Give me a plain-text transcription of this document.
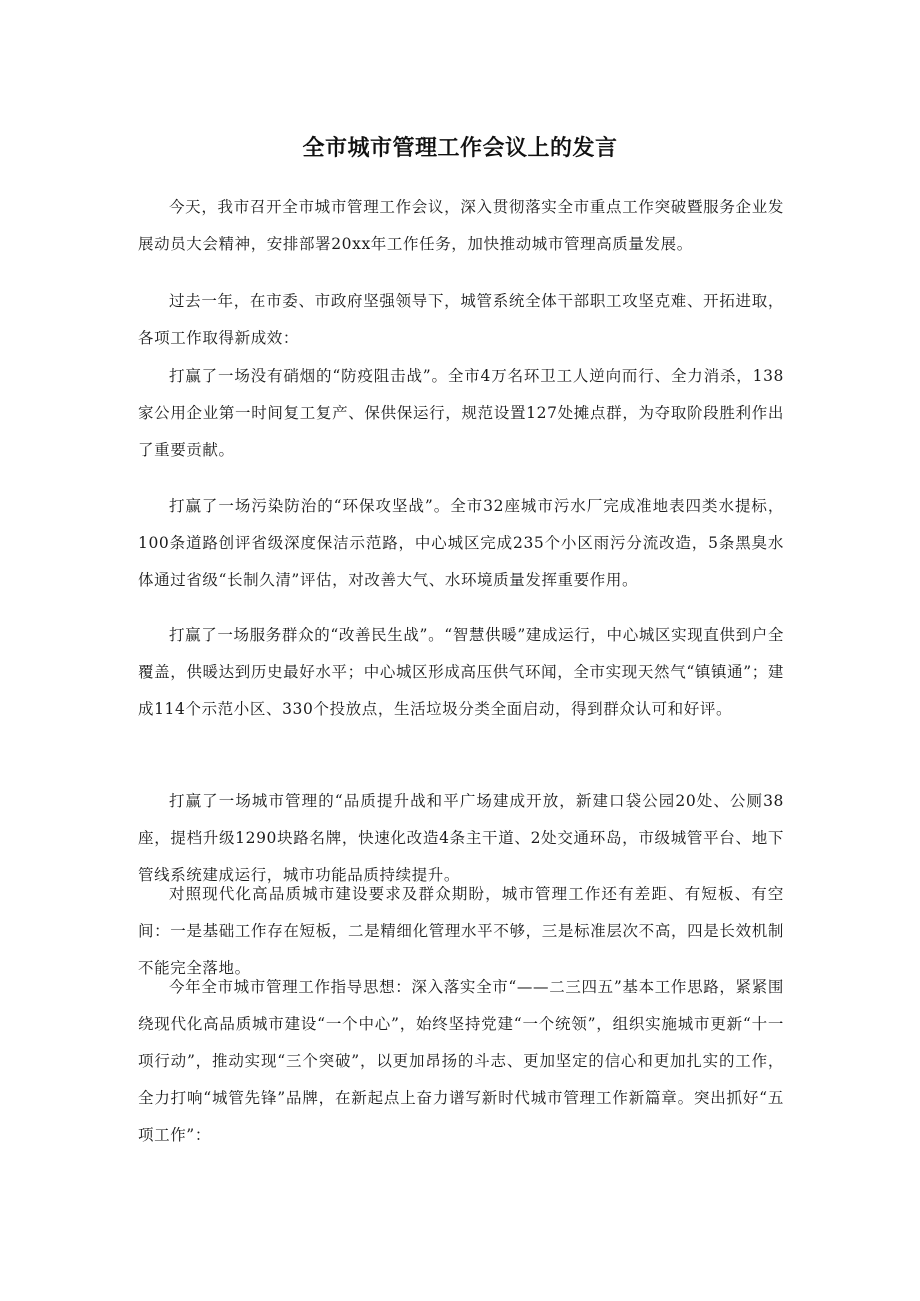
全市城市管理工作会议上的发言

今天，我市召开全市城市管理工作会议，深入贯彻落实全市重点工作突破暨服务企业发展动员大会精神，安排部署20xx年工作任务，加快推动城市管理高质量发展。

过去一年，在市委、市政府坚强领导下，城管系统全体干部职工攻坚克难、开拓进取，各项工作取得新成效：

打赢了一场没有硝烟的“防疫阻击战”。全市4万名环卫工人逆向而行、全力消杀，138家公用企业第一时间复工复产、保供保运行，规范设置127处摊点群，为夺取阶段胜利作出了重要贡献。

打赢了一场污染防治的“环保攻坚战”。全市32座城市污水厂完成准地表四类水提标，100条道路创评省级深度保洁示范路，中心城区完成235个小区雨污分流改造，5条黑臭水体通过省级“长制久清”评估，对改善大气、水环境质量发挥重要作用。

打赢了一场服务群众的“改善民生战”。“智慧供暖”建成运行，中心城区实现直供到户全覆盖，供暖达到历史最好水平；中心城区形成高压供气环闻，全市实现天然气“镇镇通”；建成114个示范小区、330个投放点，生活垃圾分类全面启动，得到群众认可和好评。

打赢了一场城市管理的“品质提升战和平广场建成开放，新建口袋公园20处、公厕38座，提档升级1290块路名牌，快速化改造4条主干道、2处交通环岛，市级城管平台、地下管线系统建成运行，城市功能品质持续提升。

对照现代化高品质城市建设要求及群众期盼，城市管理工作还有差距、有短板、有空间：一是基础工作存在短板，二是精细化管理水平不够，三是标准层次不高，四是长效机制不能完全落地。

今年全市城市管理工作指导思想：深入落实全市“——二三四五”基本工作思路，紧紧围绕现代化高品质城市建设“一个中心”，始终坚持党建“一个统领”，组织实施城市更新“十一项行动”，推动实现“三个突破”，以更加昂扬的斗志、更加坚定的信心和更加扎实的工作，全力打响“城管先锋”品牌，在新起点上奋力谱写新时代城市管理工作新篇章。突出抓好“五项工作”：
